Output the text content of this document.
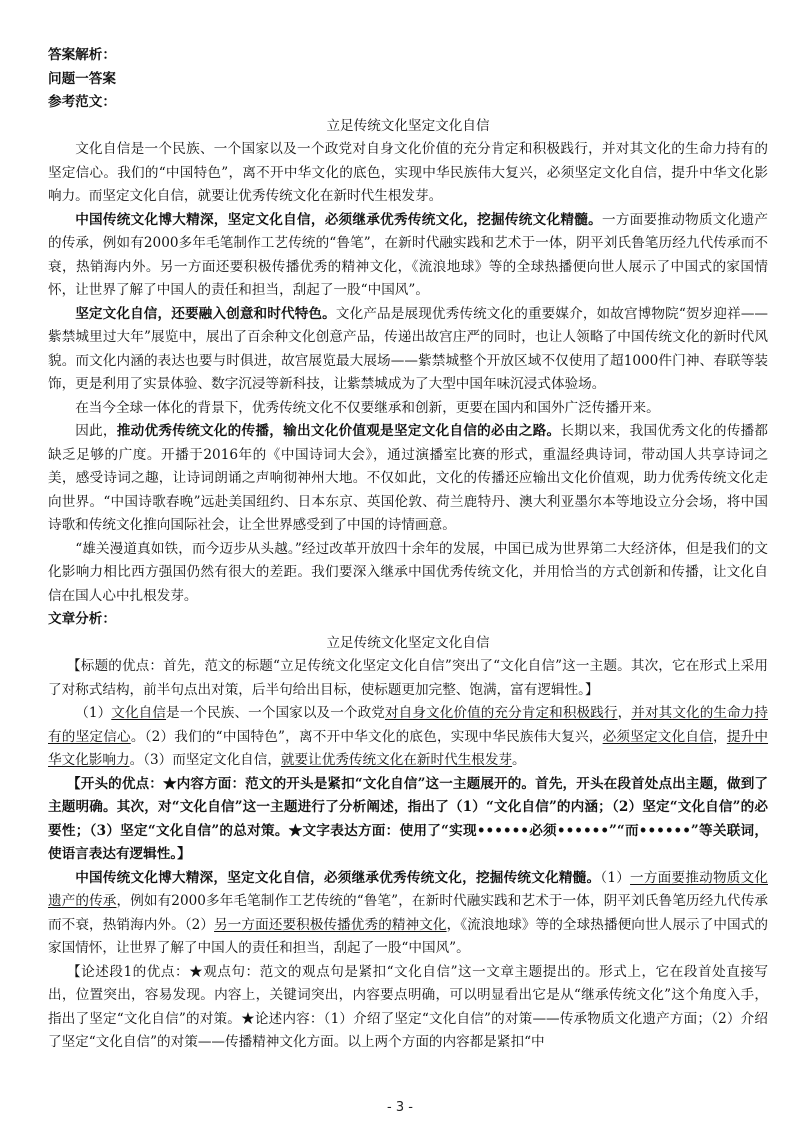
答案解析：

问题一答案

参考范文：

立足传统文化坚定文化自信

文化自信是一个民族、一个国家以及一个政党对自身文化价值的充分肯定和积极践行，并对其文化的生命力持有的坚定信心。我们的“中国特色”，离不开中华文化的底色，实现中华民族伟大复兴，必须坚定文化自信，提升中华文化影响力。而坚定文化自信，就要让优秀传统文化在新时代生根发芽。

中国传统文化博大精深，坚定文化自信，必须继承优秀传统文化，挖掘传统文化精髓。一方面要推动物质文化遗产的传承，例如有2000多年毛笔制作工艺传统的“鲁笔”，在新时代融实践和艺术于一体，阴平刘氏鲁笔历经九代传承而不衰，热销海内外。另一方面还要积极传播优秀的精神文化，《流浪地球》等的全球热播便向世人展示了中国式的家国情怀，让世界了解了中国人的责任和担当，刮起了一股“中国风”。

坚定文化自信，还要融入创意和时代特色。文化产品是展现优秀传统文化的重要媒介，如故宫博物院“贺岁迎祥——紫禁城里过大年”展览中，展出了百余种文化创意产品，传递出故宫庄严的同时，也让人领略了中国传统文化的新时代风貌。而文化内涵的表达也要与时俱进，故宫展览最大展场——紫禁城整个开放区域不仅使用了超1000件门神、春联等装饰，更是利用了实景体验、数字沉浸等新科技，让紫禁城成为了大型中国年味沉浸式体验场。

在当今全球一体化的背景下，优秀传统文化不仅要继承和创新，更要在国内和国外广泛传播开来。

因此，推动优秀传统文化的传播，输出文化价值观是坚定文化自信的必由之路。长期以来，我国优秀文化的传播都缺乏足够的广度。开播于2016年的《中国诗词大会》，通过演播室比赛的形式，重温经典诗词，带动国人共享诗词之美，感受诗词之趣，让诗词朗诵之声响彻神州大地。不仅如此，文化的传播还应输出文化价值观，助力优秀传统文化走向世界。“中国诗歌春晚”远赴美国纽约、日本东京、英国伦敦、荷兰鹿特丹、澳大利亚墨尔本等地设立分会场，将中国诗歌和传统文化推向国际社会，让全世界感受到了中国的诗情画意。

“雄关漫道真如铁，而今迈步从头越。”经过改革开放四十余年的发展，中国已成为世界第二大经济体，但是我们的文化影响力相比西方强国仍然有很大的差距。我们要深入继承中国优秀传统文化，并用恰当的方式创新和传播，让文化自信在国人心中扎根发芽。

文章分析：

立足传统文化坚定文化自信

【标题的优点：首先，范文的标题“立足传统文化坚定文化自信”突出了“文化自信”这一主题。其次，它在形式上采用了对称式结构，前半句点出对策，后半句给出目标，使标题更加完整、饱满，富有逻辑性。】

（1）文化自信是一个民族、一个国家以及一个政党对自身文化价值的充分肯定和积极践行，并对其文化的生命力持有的坚定信心。（2）我们的“中国特色”，离不开中华文化的底色，实现中华民族伟大复兴，必须坚定文化自信，提升中华文化影响力。（3）而坚定文化自信，就要让优秀传统文化在新时代生根发芽。

【开头的优点：★内容方面：范文的开头是紧扣“文化自信”这一主题展开的。首先，开头在段首处点出主题，做到了主题明确。其次，对“文化自信”这一主题进行了分析阐述，指出了（1）“文化自信”的内涵；（2）坚定“文化自信”的必要性；（3）坚定“文化自信”的总对策。★文字表达方面：使用了“实现••••••必须••••••”“而••••••”等关联词，使语言表达有逻辑性。】

中国传统文化博大精深，坚定文化自信，必须继承优秀传统文化，挖掘传统文化精髓。（1）一方面要推动物质文化遗产的传承，例如有2000多年毛笔制作工艺传统的“鲁笔”，在新时代融实践和艺术于一体，阴平刘氏鲁笔历经九代传承而不衰，热销海内外。（2）另一方面还要积极传播优秀的精神文化，《流浪地球》等的全球热播便向世人展示了中国式的家国情怀，让世界了解了中国人的责任和担当，刮起了一股“中国风”。

【论述段1的优点：★观点句：范文的观点句是紧扣“文化自信”这一文章主题提出的。形式上，它在段首处直接写出，位置突出，容易发现。内容上，关键词突出，内容要点明确，可以明显看出它是从“继承传统文化”这个角度入手，指出了坚定“文化自信”的对策。★论述内容：（1）介绍了坚定“文化自信”的对策——传承物质文化遗产方面；（2）介绍了坚定“文化自信”的对策——传播精神文化方面。以上两个方面的内容都是紧扣“中

- 3 -
